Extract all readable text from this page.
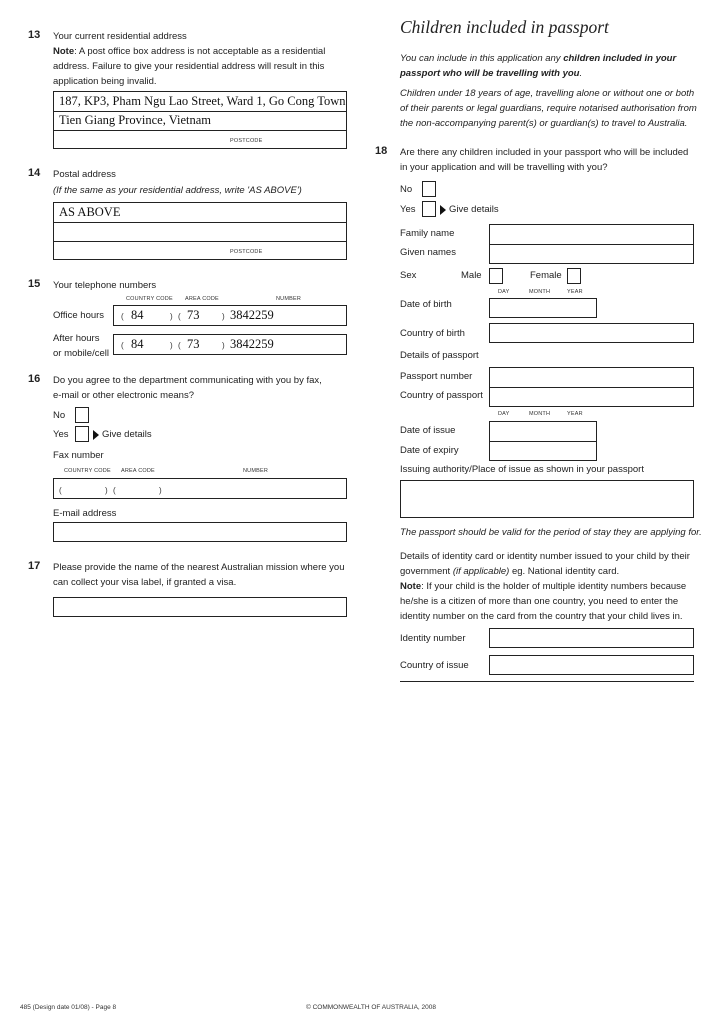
13 Your current residential address
Note: A post office box address is not acceptable as a residential
address. Failure to give your residential address will result in this
application being invalid.
187, KP3, Pham Ngu Lao Street, Ward 1, Go Cong Town
Tien Giang Province, Vietnam
POSTCODE
14 Postal address
(If the same as your residential address, write 'AS ABOVE')
AS ABOVE
POSTCODE
15 Your telephone numbers
COUNTRY CODE AREA CODE	NUMBER
Office hours ( 84	) ( 73	) 3842259
After hours
or mobile/cell
( 84	) ( 73	) 3842259
16 Do you agree to the department communicating with you by fax,
e-mail or other electronic means?
No
Yes	Give details
Fax number
COUNTRY CODE AREA CODE	NUMBER
(	) (	)
E-mail address
17 Please provide the name of the nearest Australian mission where you
can collect your visa label, if granted a visa.
Children included in passport
You can include in this application any children included in your passport who will be travelling with you.
Children under 18 years of age, travelling alone or without one or both
of their parents or legal guardians, require notarised authorisation from
the non-accompanying parent(s) or guardian(s) to travel to Australia.
18 Are there any children included in your passport who will be included
in your application and will be travelling with you?
No
Yes	Give details
Family name
Given names
Sex	Male	Female
DAY	MONTH	YEAR
Date of birth
Country of birth
Details of passport
Passport number
Country of passport
DAY	MONTH	YEAR
Date of issue
Date of expiry
Issuing authority/Place of issue as shown in your passport
The passport should be valid for the period of stay they are applying for.
Details of identity card or identity number issued to your child by their
government (if applicable) eg. National identity card.
Note: If your child is the holder of multiple identity numbers because
he/she is a citizen of more than one country, you need to enter the
identity number on the card from the country that your child lives in.
Identity number
Country of issue
485 (Design date 01/08) - Page 8	© COMMONWEALTH OF AUSTRALIA, 2008
